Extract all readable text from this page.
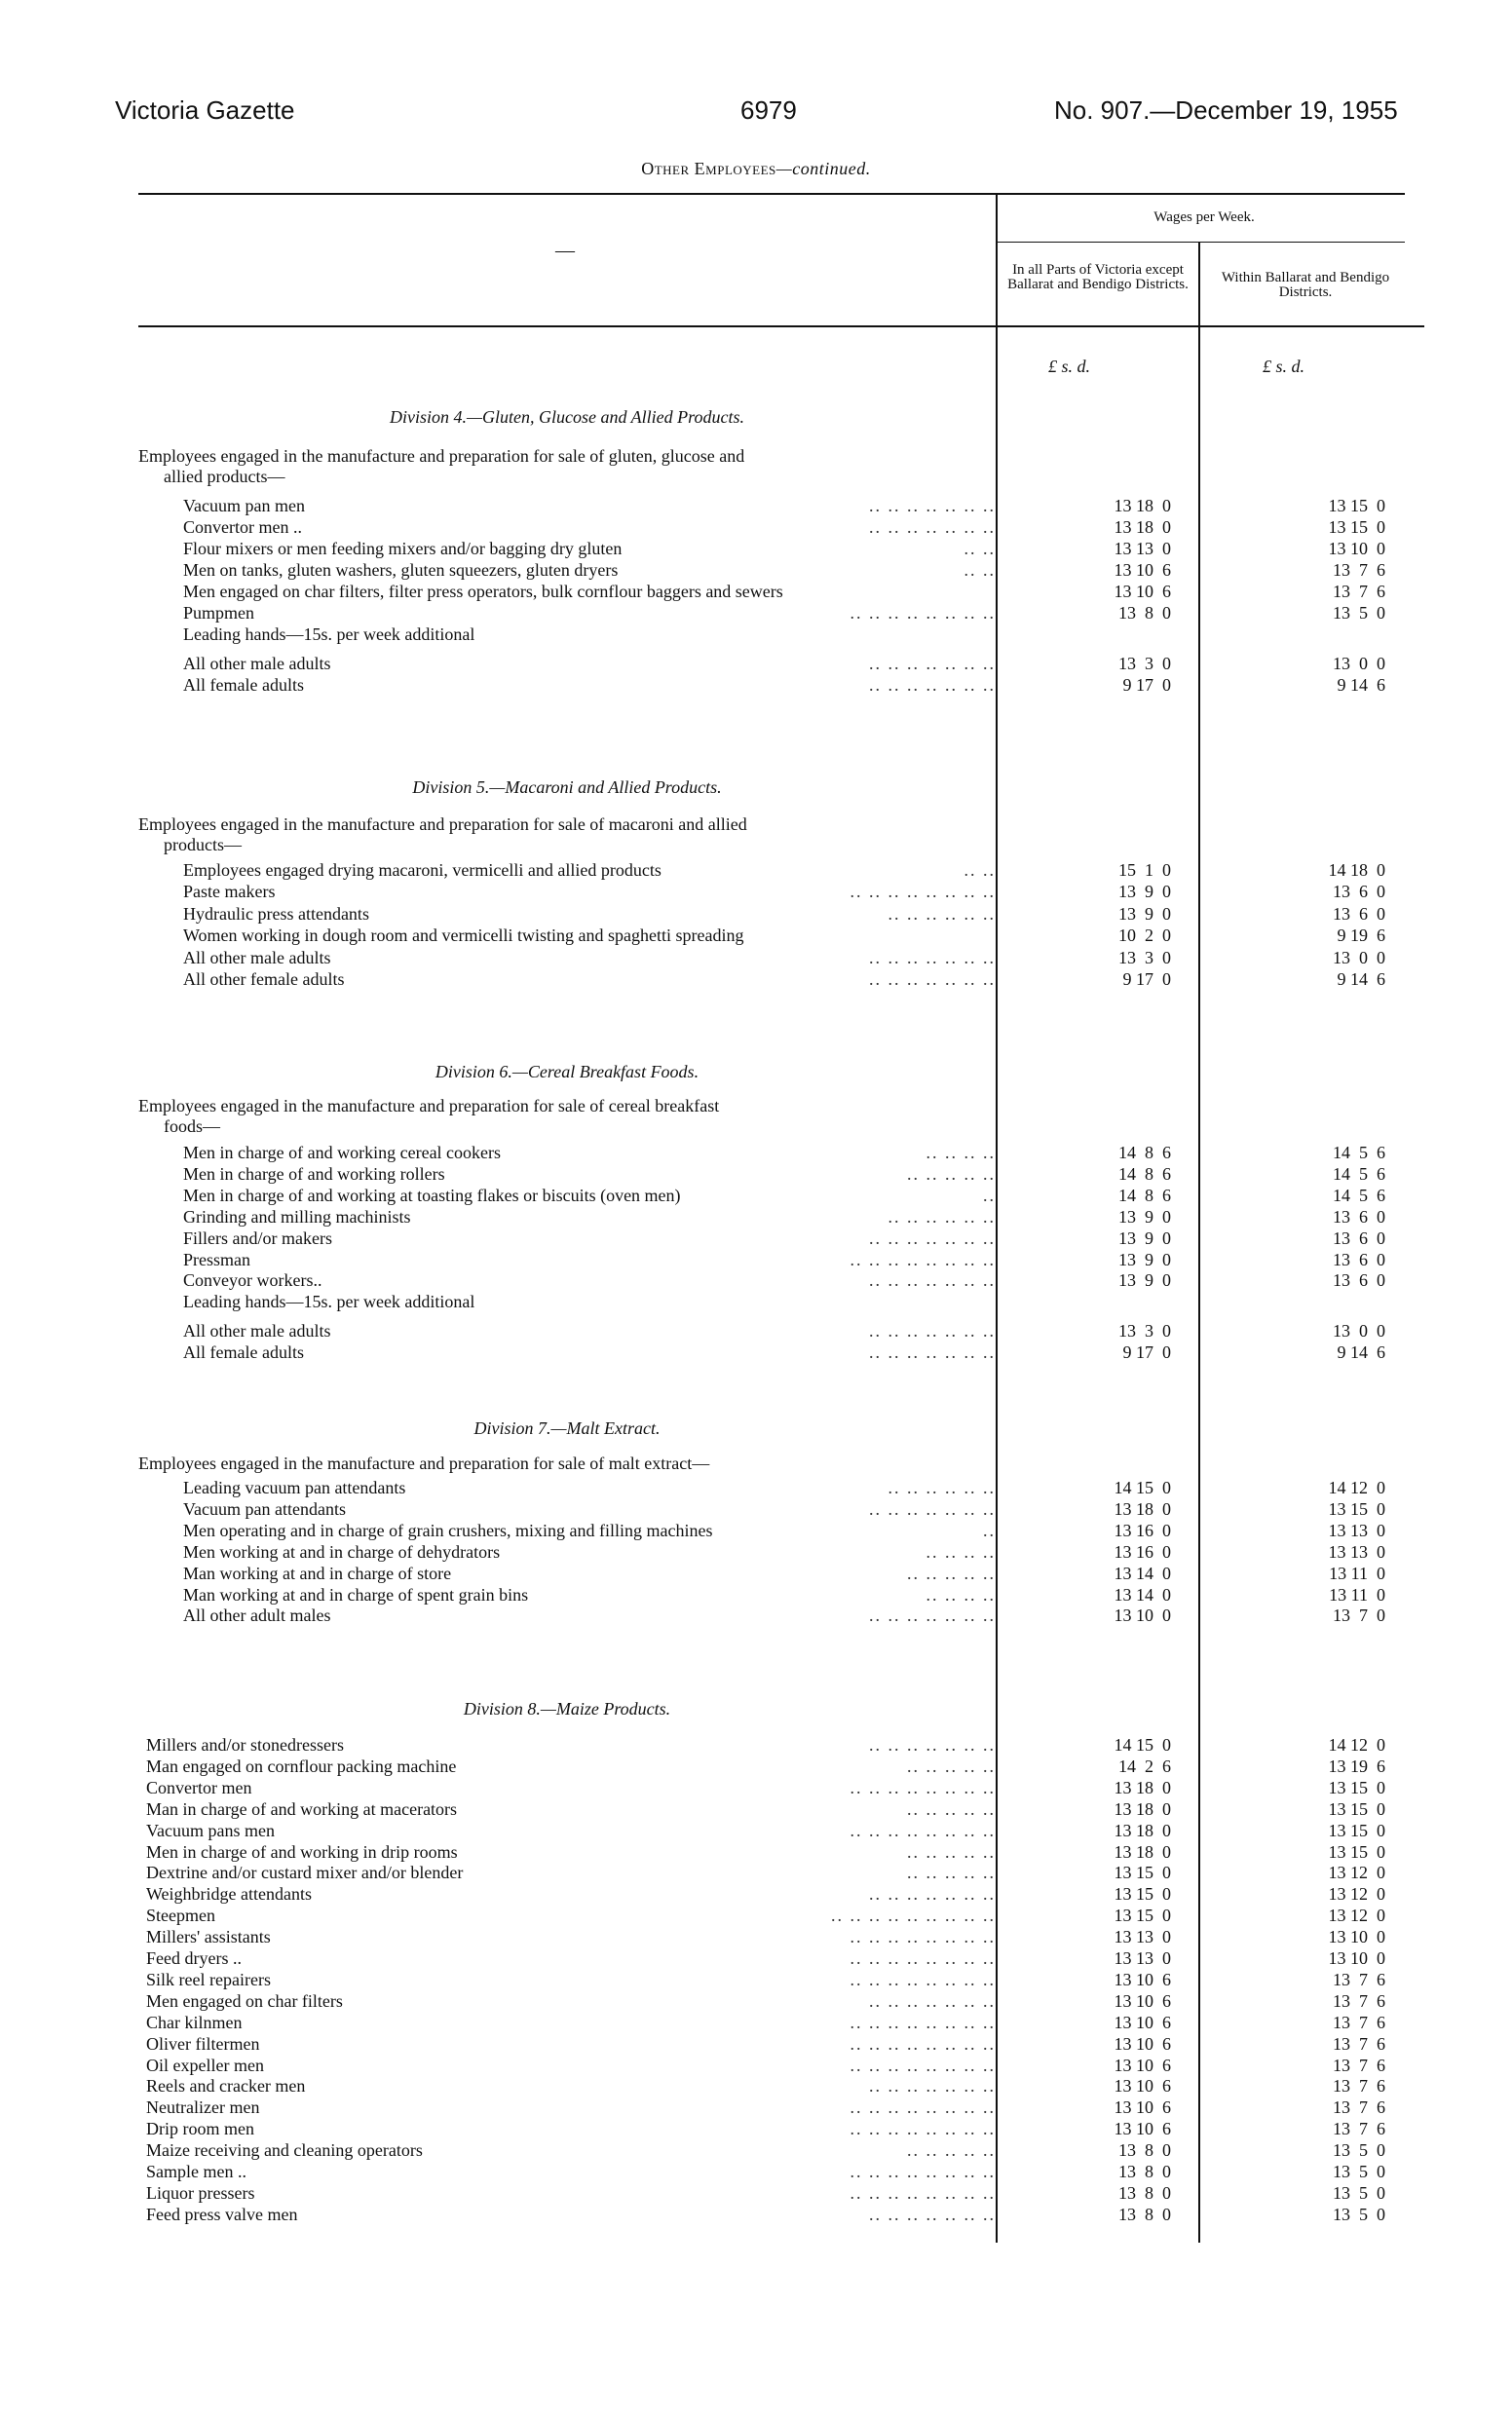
Victoria Gazette	6979	No. 907.—December 19, 1955
Other Employees—continued.
—
Wages per Week.
In all Parts of Victoria except Ballarat and Bendigo Districts.	Within Ballarat and Bendigo Districts.
£ s. d.	£ s. d.
Division 4.—Gluten, Glucose and Allied Products.
Employees engaged in the manufacture and preparation for sale of gluten, glucose and
allied products—
.. .. .. .. .. .. ..
Vacuum pan men	13 18  0	13 15  0
.. .. .. .. .. .. ..
Convertor men ..	13 18  0	13 15  0
.. ..
Flour mixers or men feeding mixers and/or bagging dry gluten	13 13  0	13 10  0
.. ..
Men on tanks, gluten washers, gluten squeezers, gluten dryers	13 10  6	13  7  6
Men engaged on char filters, filter press operators, bulk cornflour baggers and sewers	13 10  6	13  7  6
.. .. .. .. .. .. .. ..
Pumpmen	13  8  0	13  5  0
Leading hands—15s. per week additional
.. .. .. .. .. .. ..
All other male adults	13  3  0	13  0  0
.. .. .. .. .. .. ..
All female adults	9 17  0	9 14  6
Division 5.—Macaroni and Allied Products.
Employees engaged in the manufacture and preparation for sale of macaroni and allied
products—
.. ..
Employees engaged drying macaroni, vermicelli and allied products	15  1  0	14 18  0
.. .. .. .. .. .. .. ..
Paste makers	13  9  0	13  6  0
.. .. .. .. .. ..
Hydraulic press attendants	13  9  0	13  6  0
Women working in dough room and vermicelli twisting and spaghetti spreading	10  2  0	9 19  6
.. .. .. .. .. .. ..
All other male adults	13  3  0	13  0  0
.. .. .. .. .. .. ..
All other female adults	9 17  0	9 14  6
Division 6.—Cereal Breakfast Foods.
Employees engaged in the manufacture and preparation for sale of cereal breakfast
foods—
.. .. .. ..
Men in charge of and working cereal cookers	14  8  6	14  5  6
.. .. .. .. ..
Men in charge of and working rollers	14  8  6	14  5  6
..
Men in charge of and working at toasting flakes or biscuits (oven men)	14  8  6	14  5  6
.. .. .. .. .. ..
Grinding and milling machinists	13  9  0	13  6  0
.. .. .. .. .. .. ..
Fillers and/or makers	13  9  0	13  6  0
.. .. .. .. .. .. .. ..
Pressman	13  9  0	13  6  0
.. .. .. .. .. .. ..
Conveyor workers..	13  9  0	13  6  0
Leading hands—15s. per week additional
.. .. .. .. .. .. ..
All other male adults	13  3  0	13  0  0
.. .. .. .. .. .. ..
All female adults	9 17  0	9 14  6
Division 7.—Malt Extract.
Employees engaged in the manufacture and preparation for sale of malt extract—
.. .. .. .. .. ..
Leading vacuum pan attendants	14 15  0	14 12  0
.. .. .. .. .. .. ..
Vacuum pan attendants	13 18  0	13 15  0
..
Men operating and in charge of grain crushers, mixing and filling machines	13 16  0	13 13  0
.. .. .. ..
Men working at and in charge of dehydrators	13 16  0	13 13  0
.. .. .. .. ..
Man working at and in charge of store	13 14  0	13 11  0
.. .. .. ..
Man working at and in charge of spent grain bins	13 14  0	13 11  0
.. .. .. .. .. .. ..
All other adult males	13 10  0	13  7  0
Division 8.—Maize Products.
.. .. .. .. .. .. ..
Millers and/or stonedressers	14 15  0	14 12  0
.. .. .. .. ..
Man engaged on cornflour packing machine	14  2  6	13 19  6
.. .. .. .. .. .. .. ..
Convertor men	13 18  0	13 15  0
.. .. .. .. ..
Man in charge of and working at macerators	13 18  0	13 15  0
.. .. .. .. .. .. .. ..
Vacuum pans men	13 18  0	13 15  0
.. .. .. .. ..
Men in charge of and working in drip rooms	13 18  0	13 15  0
.. .. .. .. ..
Dextrine and/or custard mixer and/or blender	13 15  0	13 12  0
.. .. .. .. .. .. ..
Weighbridge attendants	13 15  0	13 12  0
.. .. .. .. .. .. .. .. ..
Steepmen	13 15  0	13 12  0
.. .. .. .. .. .. .. ..
Millers' assistants	13 13  0	13 10  0
.. .. .. .. .. .. .. ..
Feed dryers ..	13 13  0	13 10  0
.. .. .. .. .. .. .. ..
Silk reel repairers	13 10  6	13  7  6
.. .. .. .. .. .. ..
Men engaged on char filters	13 10  6	13  7  6
.. .. .. .. .. .. .. ..
Char kilnmen	13 10  6	13  7  6
.. .. .. .. .. .. .. ..
Oliver filtermen	13 10  6	13  7  6
.. .. .. .. .. .. .. ..
Oil expeller men	13 10  6	13  7  6
.. .. .. .. .. .. ..
Reels and cracker men	13 10  6	13  7  6
.. .. .. .. .. .. .. ..
Neutralizer men	13 10  6	13  7  6
.. .. .. .. .. .. .. ..
Drip room men	13 10  6	13  7  6
.. .. .. .. ..
Maize receiving and cleaning operators	13  8  0	13  5  0
.. .. .. .. .. .. .. ..
Sample men ..	13  8  0	13  5  0
.. .. .. .. .. .. .. ..
Liquor pressers	13  8  0	13  5  0
.. .. .. .. .. .. ..
Feed press valve men	13  8  0	13  5  0
